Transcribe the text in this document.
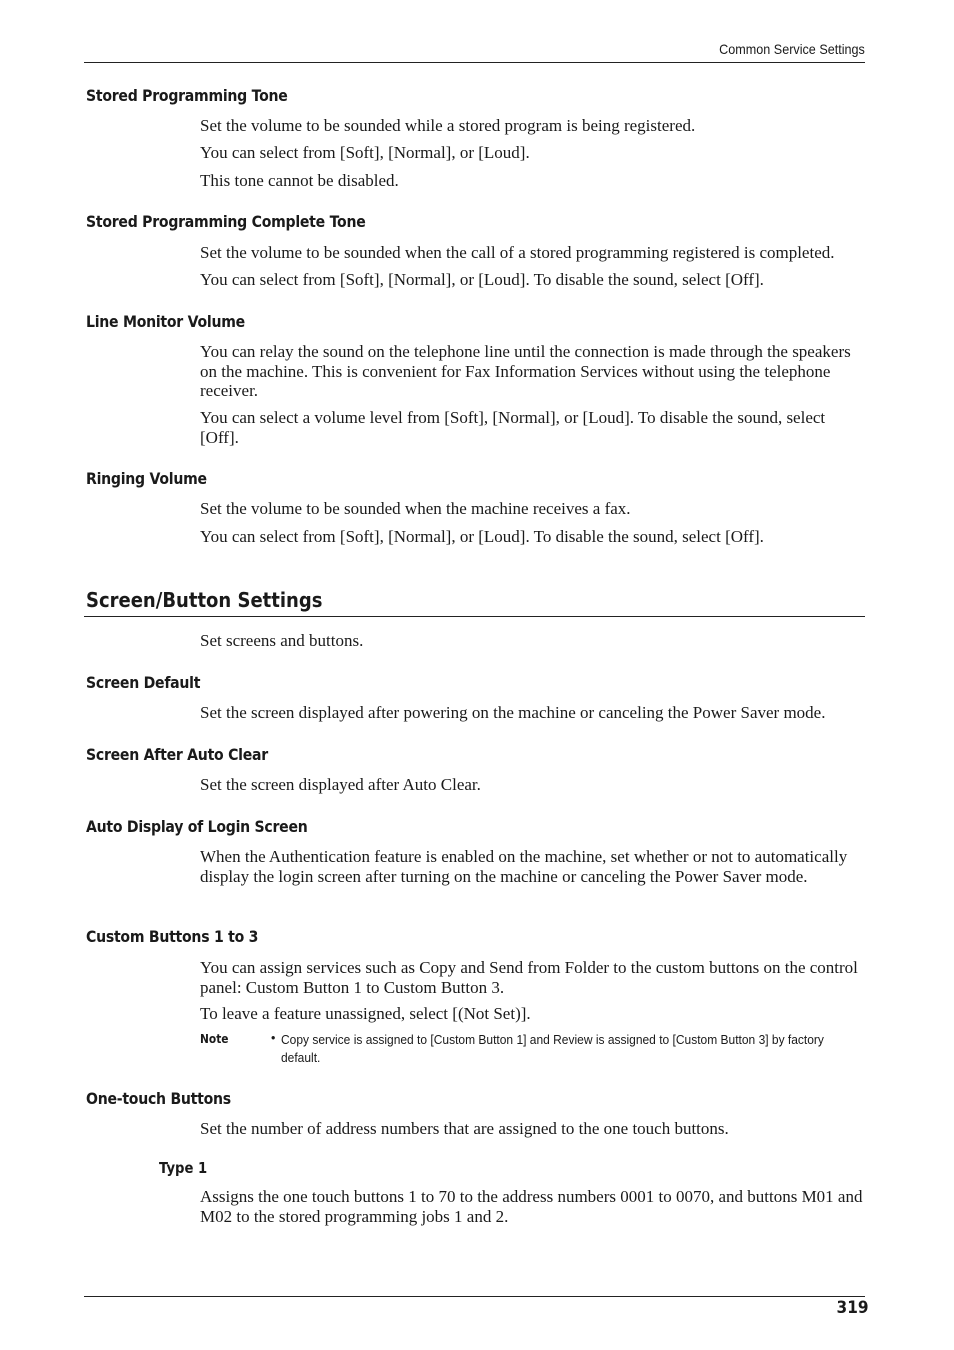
Common Service Settings
Stored Programming Tone
Set the volume to be sounded while a stored program is being registered.
You can select from [Soft], [Normal], or [Loud].
This tone cannot be disabled.
Stored Programming Complete Tone
Set the volume to be sounded when the call of a stored programming registered is completed.
You can select from [Soft], [Normal], or [Loud]. To disable the sound, select [Off].
Line Monitor Volume
You can relay the sound on the telephone line until the connection is made through the speakers on the machine. This is convenient for Fax Information Services without using the telephone receiver.
You can select a volume level from [Soft], [Normal], or [Loud]. To disable the sound, select [Off].
Ringing Volume
Set the volume to be sounded when the machine receives a fax.
You can select from [Soft], [Normal], or [Loud]. To disable the sound, select [Off].
Screen/Button Settings
Set screens and buttons.
Screen Default
Set the screen displayed after powering on the machine or canceling the Power Saver mode.
Screen After Auto Clear
Set the screen displayed after Auto Clear.
Auto Display of Login Screen
When the Authentication feature is enabled on the machine, set whether or not to automatically display the login screen after turning on the machine or canceling the Power Saver mode.
Custom Buttons 1 to 3
You can assign services such as Copy and Send from Folder to the custom buttons on the control panel: Custom Button 1 to Custom Button 3.
To leave a feature unassigned, select [(Not Set)].
Note	• Copy service is assigned to [Custom Button 1] and Review is assigned to [Custom Button 3] by factory default.
One-touch Buttons
Set the number of address numbers that are assigned to the one touch buttons.
Type 1
Assigns the one touch buttons 1 to 70 to the address numbers 0001 to 0070, and buttons M01 and M02 to the stored programming jobs 1 and 2.
319
